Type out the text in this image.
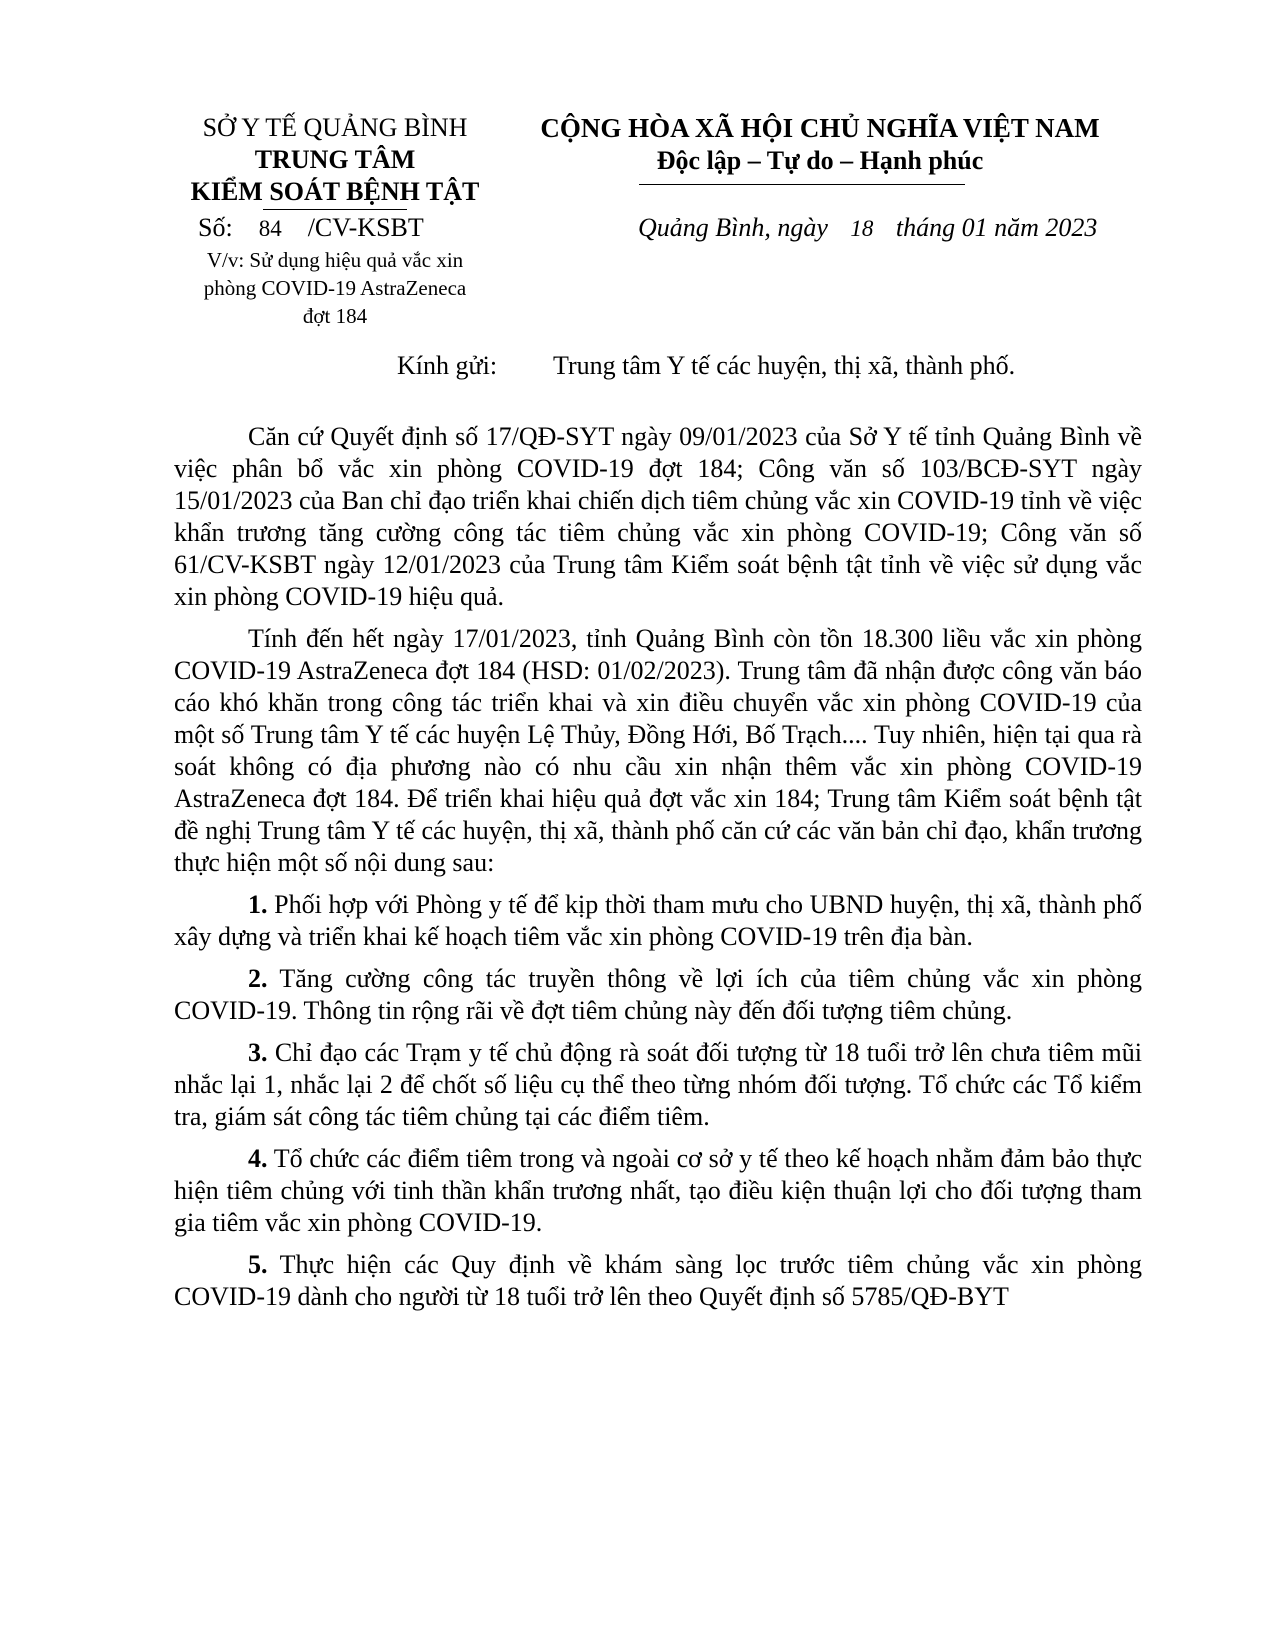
SỞ Y TẾ QUẢNG BÌNH
TRUNG TÂM
KIỂM SOÁT BỆNH TẬT
Số: 84 /CV-KSBT
V/v: Sử dụng hiệu quả vắc xin
phòng COVID-19 AstraZeneca
đợt 184
CỘNG HÒA XÃ HỘI CHỦ NGHĨA VIỆT NAM
Độc lập – Tự do – Hạnh phúc
Quảng Bình, ngày 18 tháng 01 năm 2023
Kính gửi: Trung tâm Y tế các huyện, thị xã, thành phố.

Căn cứ Quyết định số 17/QĐ-SYT ngày 09/01/2023 của Sở Y tế tỉnh Quảng Bình về việc phân bổ vắc xin phòng COVID-19 đợt 184; Công văn số 103/BCĐ-SYT ngày 15/01/2023 của Ban chỉ đạo triển khai chiến dịch tiêm chủng vắc xin COVID-19 tỉnh về việc khẩn trương tăng cường công tác tiêm chủng vắc xin phòng COVID-19; Công văn số 61/CV-KSBT ngày 12/01/2023 của Trung tâm Kiểm soát bệnh tật tỉnh về việc sử dụng vắc xin phòng COVID-19 hiệu quả.

Tính đến hết ngày 17/01/2023, tỉnh Quảng Bình còn tồn 18.300 liều vắc xin phòng COVID-19 AstraZeneca đợt 184 (HSD: 01/02/2023). Trung tâm đã nhận được công văn báo cáo khó khăn trong công tác triển khai và xin điều chuyển vắc xin phòng COVID-19 của một số Trung tâm Y tế các huyện Lệ Thủy, Đồng Hới, Bố Trạch.... Tuy nhiên, hiện tại qua rà soát không có địa phương nào có nhu cầu xin nhận thêm vắc xin phòng COVID-19 AstraZeneca đợt 184. Để triển khai hiệu quả đợt vắc xin 184; Trung tâm Kiểm soát bệnh tật đề nghị Trung tâm Y tế các huyện, thị xã, thành phố căn cứ các văn bản chỉ đạo, khẩn trương thực hiện một số nội dung sau:

1. Phối hợp với Phòng y tế để kịp thời tham mưu cho UBND huyện, thị xã, thành phố xây dựng và triển khai kế hoạch tiêm vắc xin phòng COVID-19 trên địa bàn.

2. Tăng cường công tác truyền thông về lợi ích của tiêm chủng vắc xin phòng COVID-19. Thông tin rộng rãi về đợt tiêm chủng này đến đối tượng tiêm chủng.

3. Chỉ đạo các Trạm y tế chủ động rà soát đối tượng từ 18 tuổi trở lên chưa tiêm mũi nhắc lại 1, nhắc lại 2 để chốt số liệu cụ thể theo từng nhóm đối tượng. Tổ chức các Tổ kiểm tra, giám sát công tác tiêm chủng tại các điểm tiêm.

4. Tổ chức các điểm tiêm trong và ngoài cơ sở y tế theo kế hoạch nhằm đảm bảo thực hiện tiêm chủng với tinh thần khẩn trương nhất, tạo điều kiện thuận lợi cho đối tượng tham gia tiêm vắc xin phòng COVID-19.

5. Thực hiện các Quy định về khám sàng lọc trước tiêm chủng vắc xin phòng COVID-19 dành cho người từ 18 tuổi trở lên theo Quyết định số 5785/QĐ-BYT
